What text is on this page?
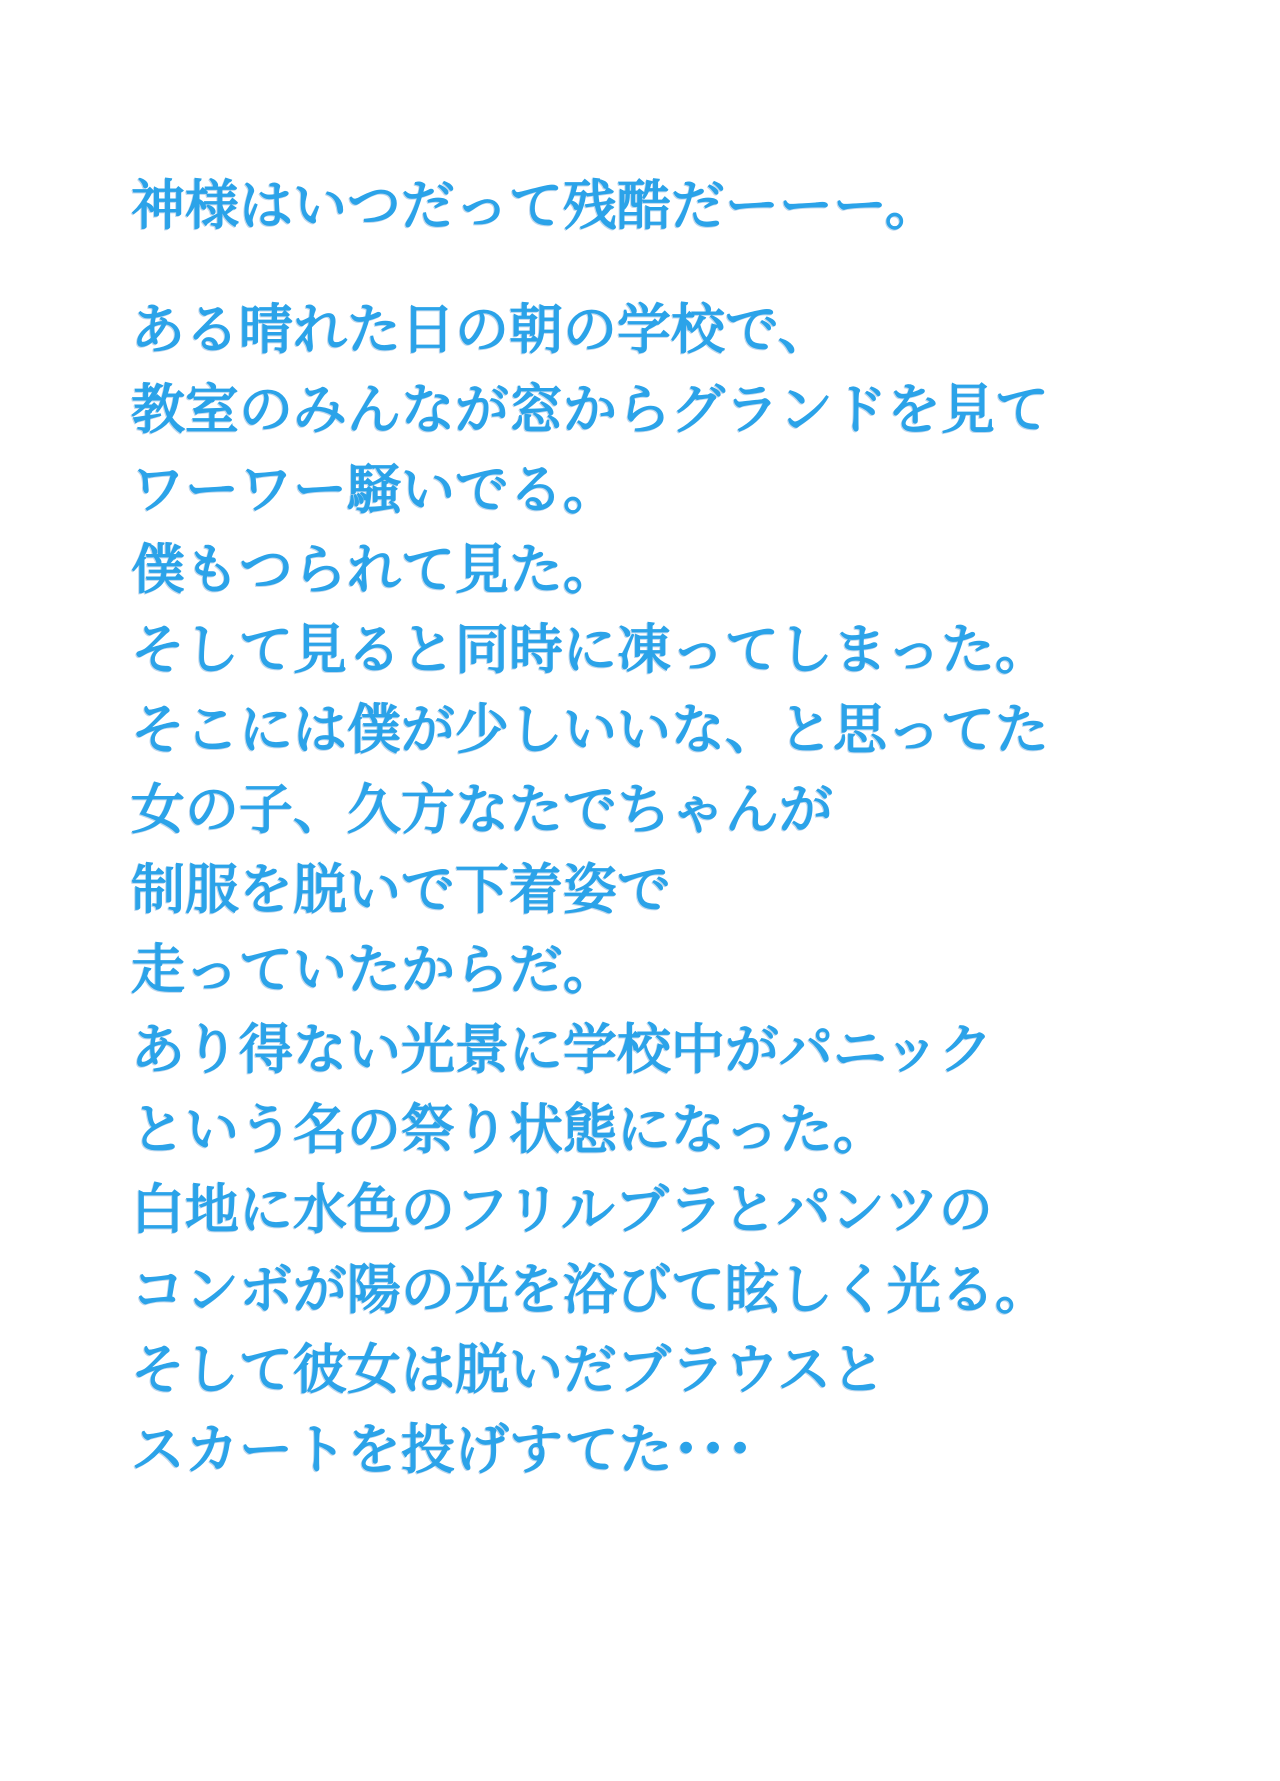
神様はいつだって残酷だーーー。
ある晴れた日の朝の学校で、
教室のみんなが窓からグランドを見て
ワーワー騒いでる。
僕もつられて見た。
そして見ると同時に凍ってしまった。
そこには僕が少しいいな、と思ってた
女の子、久方なたでちゃんが
制服を脱いで下着姿で
走っていたからだ。
あり得ない光景に学校中がパニック
という名の祭り状態になった。
白地に水色のフリルブラとパンツの
コンボが陽の光を浴びて眩しく光る。
そして彼女は脱いだブラウスと
スカートを投げすてた･･･
